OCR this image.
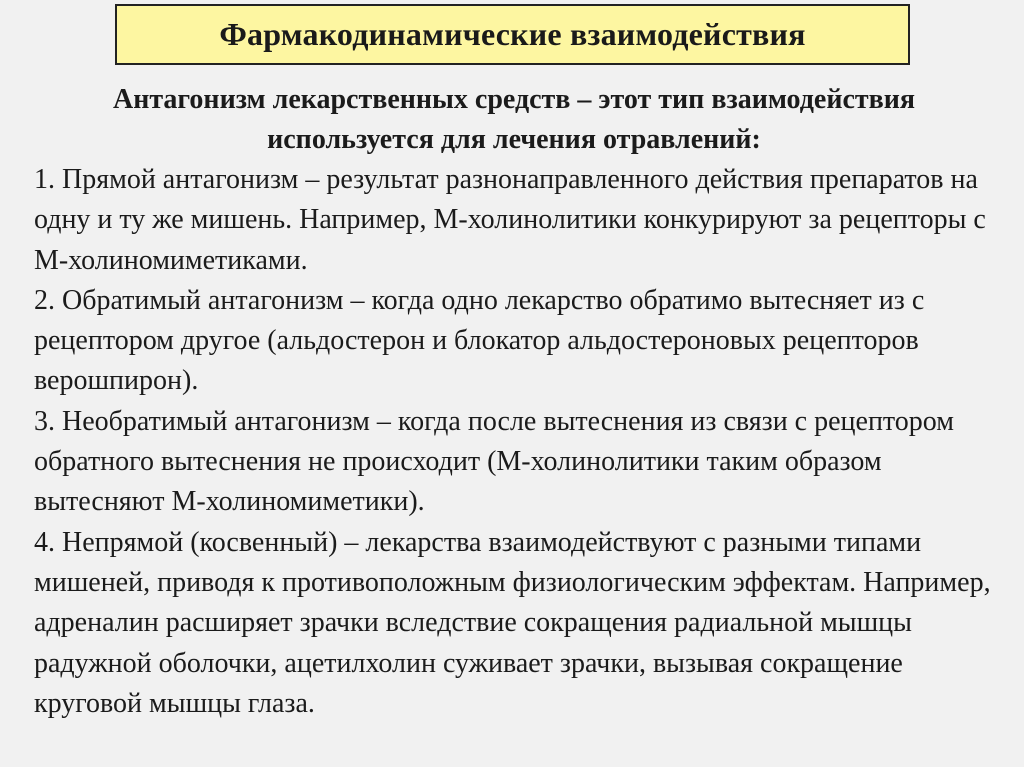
Фармакодинамические взаимодействия

Антагонизм лекарственных средств – этот тип взаимодействия используется для лечения отравлений:

1. Прямой антагонизм – результат разнонаправленного действия препаратов на одну и ту же мишень. Например, М-холинолитики конкурируют за рецепторы с М-холиномиметиками.

2. Обратимый антагонизм – когда одно лекарство обратимо вытесняет из с рецептором другое (альдостерон и блокатор альдостероновых рецепторов верошпирон).

3. Необратимый антагонизм – когда после вытеснения из связи с рецептором обратного вытеснения не происходит (М-холинолитики таким образом вытесняют М-холиномиметики).

4. Непрямой (косвенный) – лекарства взаимодействуют с разными типами мишеней, приводя к противоположным физиологическим эффектам. Например, адреналин расширяет зрачки вследствие сокращения радиальной мышцы радужной оболочки, ацетилхолин суживает зрачки, вызывая сокращение круговой мышцы глаза.
